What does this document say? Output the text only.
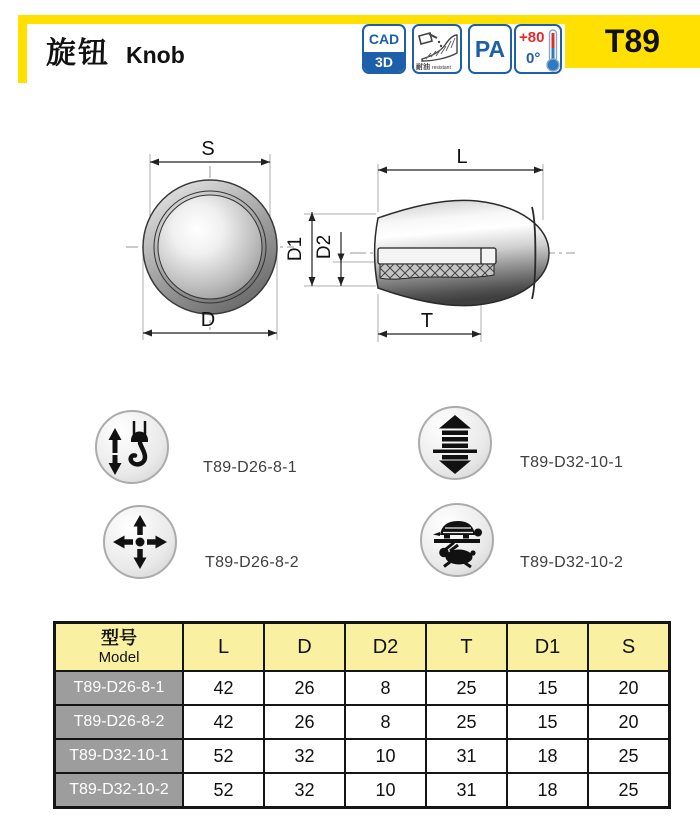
旋钮 Knob
CAD
3D	耐油 resistant
PA +80
0° T89
S
D
L
T
D1 D2
T89-D26-8-1
T89-D26-8-2
T89-D32-10-1
T89-D32-10-2
型号
Model	L	D	D2	T	D1	S
T89-D26-8-1	42	26	8	25	15	20
T89-D26-8-2	42	26	8	25	15	20
T89-D32-10-1	52	32	10	31	18	25
T89-D32-10-2	52	32	10	31	18	25
